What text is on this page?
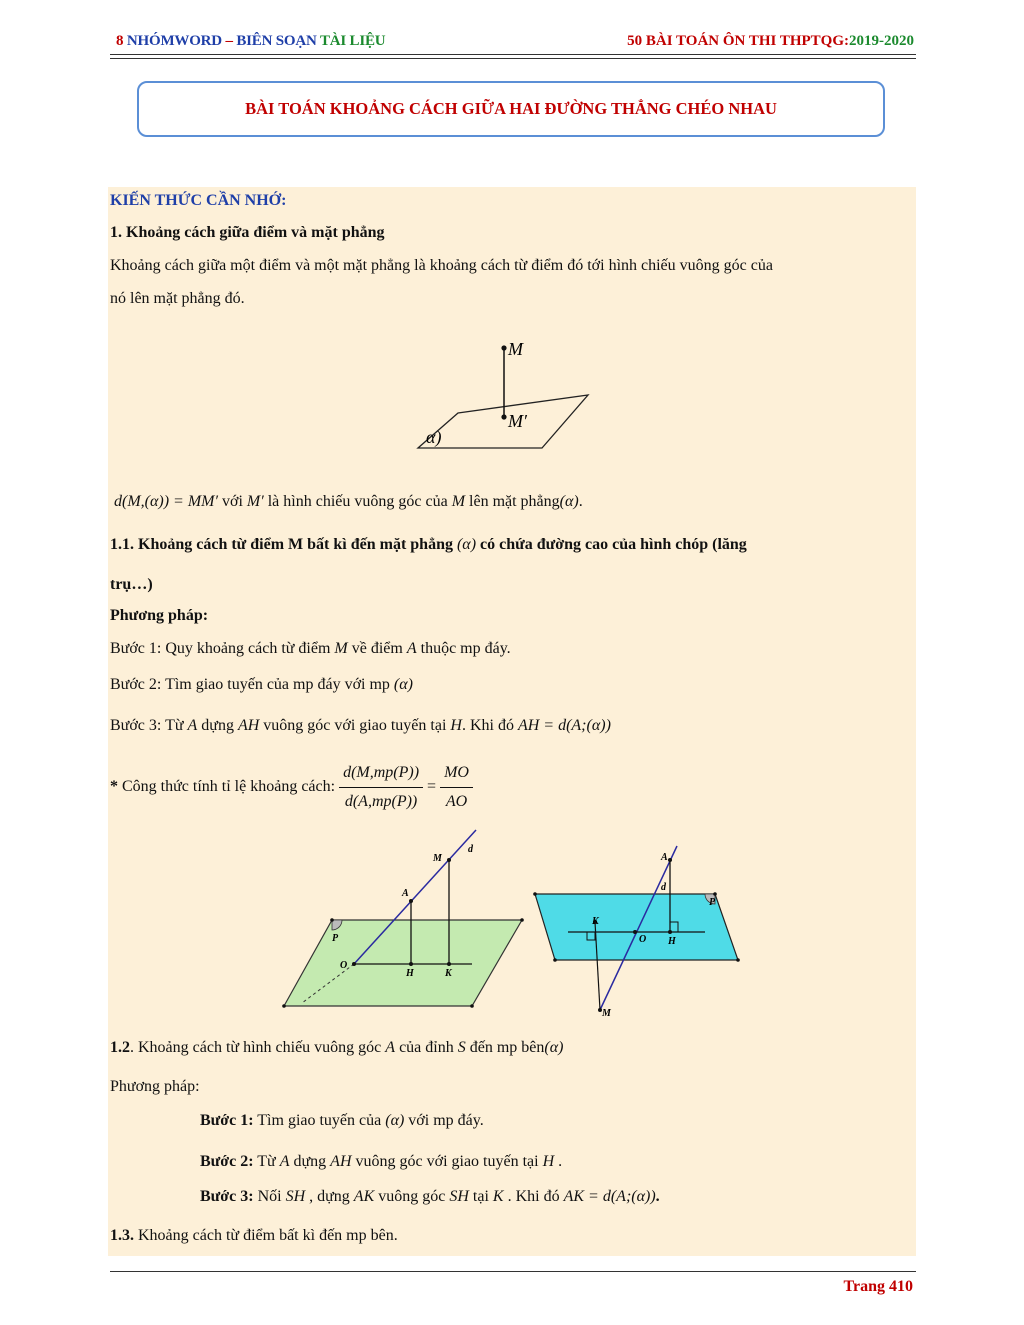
8 NHÓMWORD – BIÊN SOẠN TÀI LIỆU	50 BÀI TOÁN ÔN THI THPTQG:2019-2020
BÀI TOÁN KHOẢNG CÁCH GIỮA HAI ĐƯỜNG THẲNG CHÉO NHAU
KIẾN THỨC CẦN NHỚ:
1. Khoảng cách giữa điểm và mặt phẳng
Khoảng cách giữa một điểm và một mặt phẳng là khoảng cách từ điểm đó tới hình chiếu vuông góc của
nó lên mặt phẳng đó.
M
M′
α)
d(M,(α)) = MM′ với M′ là hình chiếu vuông góc của M lên mặt phẳng(α).
1.1. Khoảng cách từ điểm M bất kì đến mặt phẳng (α) có chứa đường cao của hình chóp (lăng
trụ…)
Phương pháp:
Bước 1: Quy khoảng cách từ điểm M về điểm A thuộc mp đáy.
Bước 2: Tìm giao tuyến của mp đáy với mp (α)
Bước 3: Từ A dựng AH vuông góc với giao tuyến tại H. Khi đó AH = d(A;(α))
* Công thức tính tỉ lệ khoảng cách: $\frac{d(M,mp(P))}{d(A,mp(P))} = \frac{MO}{AO}$
M
d
A
P
O
H	K
A
d
P
K
O H
M
1.2. Khoảng cách từ hình chiếu vuông góc A của đỉnh S đến mp bên(α)
Phương pháp:
Bước 1: Tìm giao tuyến của (α) với mp đáy.
Bước 2: Từ A dựng AH vuông góc với giao tuyến tại H .
Bước 3: Nối SH , dựng AK vuông góc SH tại K . Khi đó AK = d(A;(α)).
1.3. Khoảng cách từ điểm bất kì đến mp bên.
Trang 410
